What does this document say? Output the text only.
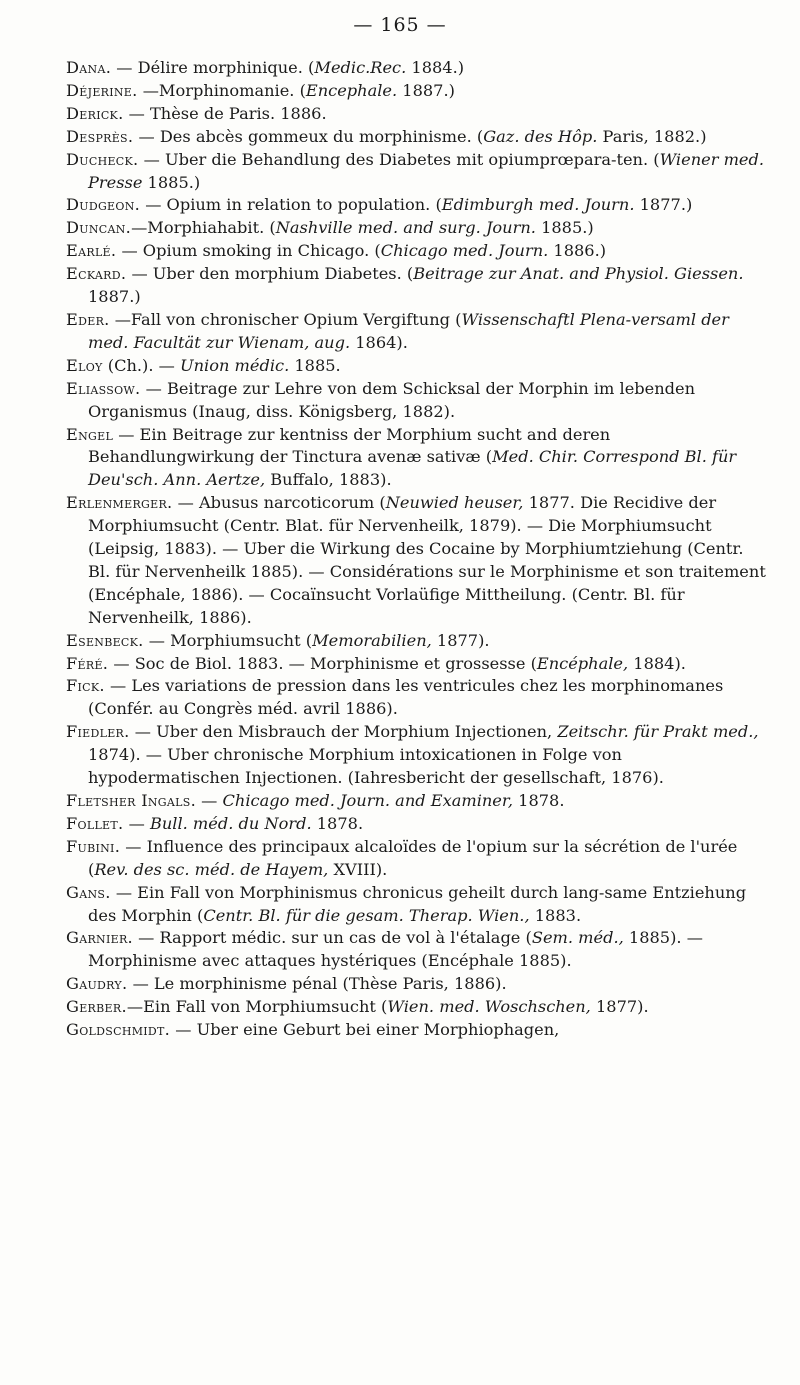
— 165 —

Dana. — Délire morphinique. (Medic.Rec. 1884.)

Déjerine. —Morphinomanie. (Encephale. 1887.)

Derick. — Thèse de Paris. 1886.

Desprès. — Des abcès gommeux du morphinisme. (Gaz. des Hôp. Paris, 1882.)

Ducheck. — Uber die Behandlung des Diabetes mit opiumprœpara-ten. (Wiener med. Presse 1885.)

Dudgeon. — Opium in relation to population. (Edimburgh med. Journ. 1877.)

Duncan.—Morphiahabit. (Nashville med. and surg. Journ. 1885.)

Earlé. — Opium smoking in Chicago. (Chicago med. Journ. 1886.)

Eckard. — Uber den morphium Diabetes. (Beitrage zur Anat. and Physiol. Giessen. 1887.)

Eder. —Fall von chronischer Opium Vergiftung (Wissenschaftl Plena-versaml der med. Facultät zur Wienam, aug. 1864).

Eloy (Ch.). — Union médic. 1885.

Eliassow. — Beitrage zur Lehre von dem Schicksal der Morphin im lebenden Organismus (Inaug, diss. Königsberg, 1882).

Engel — Ein Beitrage zur kentniss der Morphium sucht and deren Behandlungwirkung der Tinctura avenæ sativæ (Med. Chir. Correspond Bl. für Deu'sch. Ann. Aertze, Buffalo, 1883).

Erlenmerger. — Abusus narcoticorum (Neuwied heuser, 1877. Die Recidive der Morphiumsucht (Centr. Blat. für Nervenheilk, 1879). — Die Morphiumsucht (Leipsig, 1883). — Uber die Wirkung des Cocaine by Morphiumtziehung (Centr. Bl. für Nervenheilk 1885). — Considérations sur le Morphinisme et son traitement (Encéphale, 1886). — Cocaïnsucht Vorlaüfige Mittheilung. (Centr. Bl. für Nervenheilk, 1886).

Esenbeck. — Morphiumsucht (Memorabilien, 1877).

Féré. — Soc de Biol. 1883. — Morphinisme et grossesse (Encéphale, 1884).

Fick. — Les variations de pression dans les ventricules chez les morphinomanes (Confér. au Congrès méd. avril 1886).

Fiedler. — Uber den Misbrauch der Morphium Injectionen, Zeitschr. für Prakt med., 1874). — Uber chronische Morphium intoxicationen in Folge von hypodermatischen Injectionen. (Iahresbericht der gesellschaft, 1876).

Fletsher Ingals. — Chicago med. Journ. and Examiner, 1878.

Follet. — Bull. méd. du Nord. 1878.

Fubini. — Influence des principaux alcaloïdes de l'opium sur la sécrétion de l'urée (Rev. des sc. méd. de Hayem, XVIII).

Gans. — Ein Fall von Morphinismus chronicus geheilt durch lang-same Entziehung des Morphin (Centr. Bl. für die gesam. Therap. Wien., 1883.

Garnier. — Rapport médic. sur un cas de vol à l'étalage (Sem. méd., 1885). — Morphinisme avec attaques hystériques (Encéphale 1885).

Gaudry. — Le morphinisme pénal (Thèse Paris, 1886).

Gerber.—Ein Fall von Morphiumsucht (Wien. med. Woschschen, 1877).

Goldschmidt. — Uber eine Geburt bei einer Morphiophagen,
